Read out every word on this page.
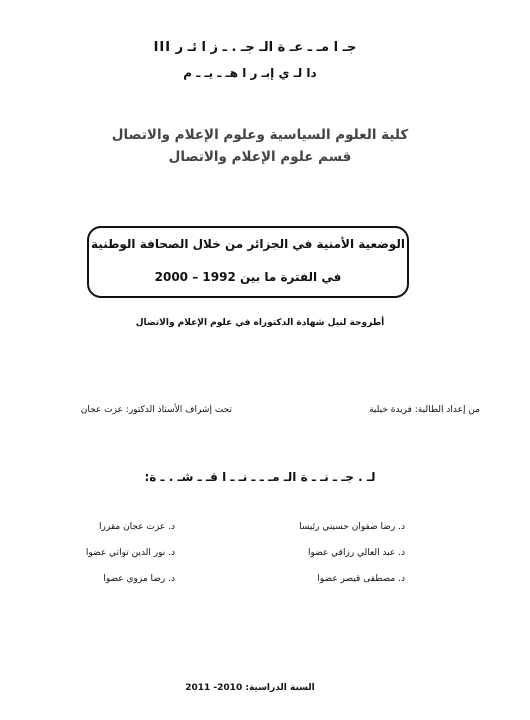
جـ ا مـ ـ عـ ة الـ جـ . ـ ز ا ئـ ر III
دا لـ ي إبـ ر ا هـ ـ يـ ـ م
كلية العلوم السياسية وعلوم الإعلام والاتصال
قسم علوم الإعلام والاتصال
الوضعية الأمنية في الجزائر من خلال الصحافة الوطنية
في الفترة ما بين 1992 – 2000
أطروحة لنيل شهادة الدكتوراه في علوم الإعلام والاتصال
من إعداد الطالبة: فريدة خيلية
تحت إشراف الأستاذ الدكتور: عزت عجان
لـ . جـ ـ نـ ـ ة الـ مـ ـ ـ نـ ـ ا قـ ـ شـ . ـ ة:
د. رضا صفوان حسيني رئيسا
د. عزت عجان مقررا
د. عبد العالي رزاقي عضوا
د. نور الدين تواتي عضوا
د. مصطفى قيصر عضوا
د. رضا مزوي عضوا
السنة الدراسية: 2010- 2011
